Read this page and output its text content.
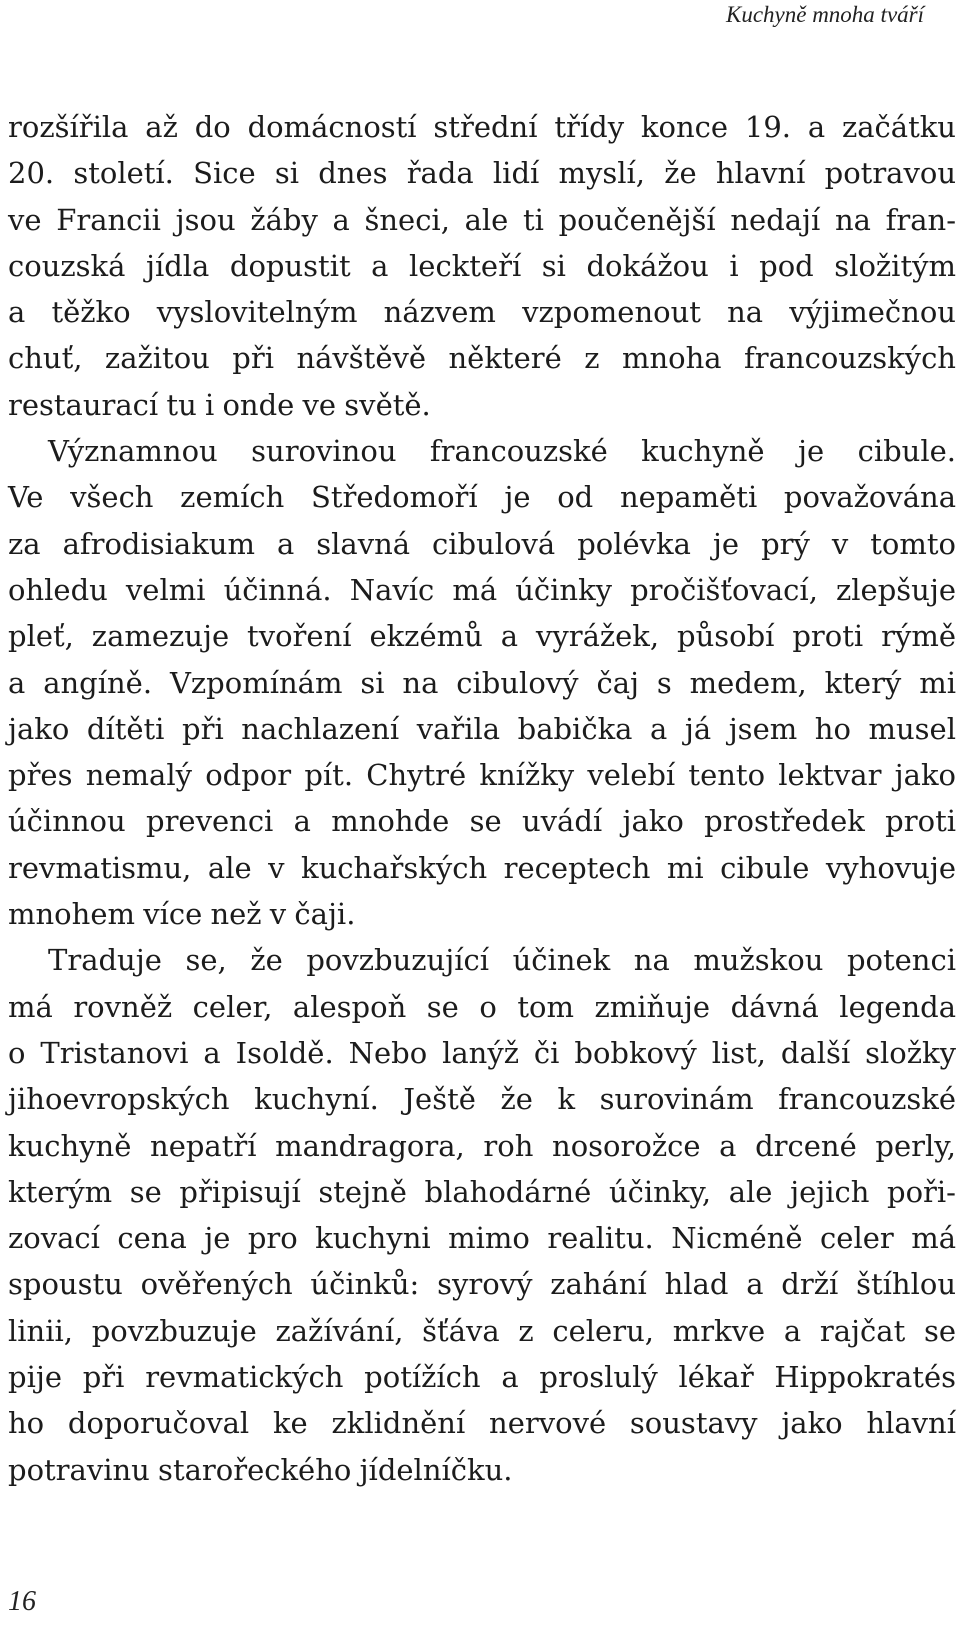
Kuchyně mnoha tváří
rozšířila až do domácností střední třídy konce 19. a začátku
20. století. Sice si dnes řada lidí myslí, že hlavní potravou
ve Francii jsou žáby a šneci, ale ti poučenější nedají na fran-
couzská jídla dopustit a leckteří si dokážou i pod složitým
a těžko vyslovitelným názvem vzpomenout na výjimečnou
chuť, zažitou při návštěvě některé z mnoha francouzských
restaurací tu i onde ve světě.
Významnou surovinou francouzské kuchyně je cibule.
Ve všech zemích Středomoří je od nepaměti považována
za afrodisiakum a slavná cibulová polévka je prý v tomto
ohledu velmi účinná. Navíc má účinky pročišťovací, zlepšuje
pleť, zamezuje tvoření ekzémů a vyrážek, působí proti rýmě
a angíně. Vzpomínám si na cibulový čaj s medem, který mi
jako dítěti při nachlazení vařila babička a já jsem ho musel
přes nemalý odpor pít. Chytré knížky velebí tento lektvar jako
účinnou prevenci a mnohde se uvádí jako prostředek proti
revmatismu, ale v kuchařských receptech mi cibule vyhovuje
mnohem více než v čaji.
Traduje se, že povzbuzující účinek na mužskou potenci
má rovněž celer, alespoň se o tom zmiňuje dávná legenda
o Tristanovi a Isoldě. Nebo lanýž či bobkový list, další složky
jihoevropských kuchyní. Ještě že k surovinám francouzské
kuchyně nepatří mandragora, roh nosorožce a drcené perly,
kterým se připisují stejně blahodárné účinky, ale jejich poři-
zovací cena je pro kuchyni mimo realitu. Nicméně celer má
spoustu ověřených účinků: syrový zahání hlad a drží štíhlou
linii, povzbuzuje zažívání, šťáva z celeru, mrkve a rajčat se
pije při revmatických potížích a proslulý lékař Hippokratés
ho doporučoval ke zklidnění nervové soustavy jako hlavní
potravinu starořeckého jídelníčku.
16
